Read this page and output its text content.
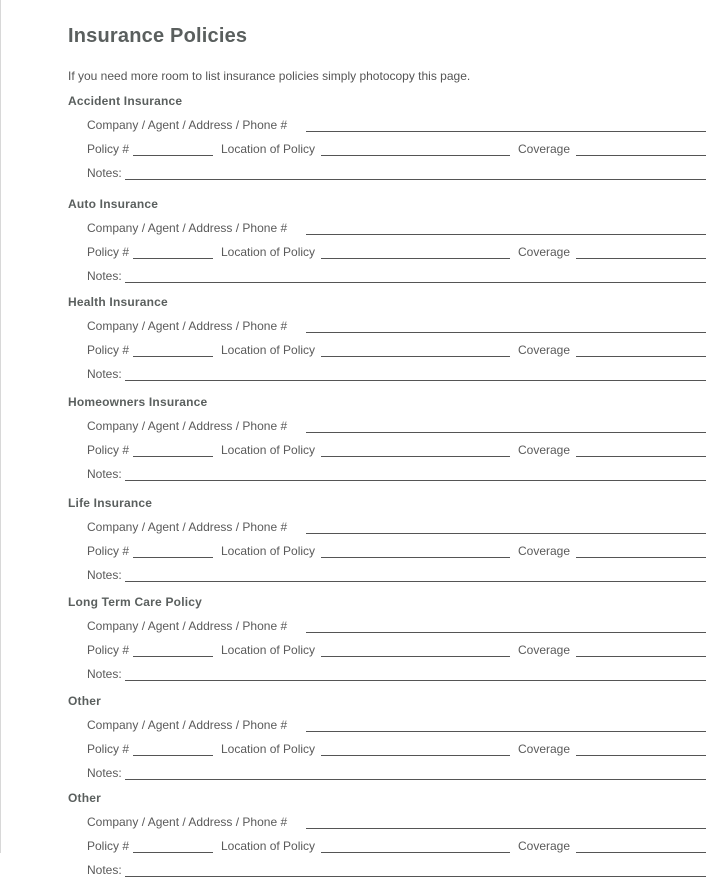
Insurance Policies
If you need more room to list insurance policies simply photocopy this page.
Accident Insurance
Company / Agent / Address / Phone #
Policy #	Location of Policy	Coverage
Notes:
Auto Insurance
Company / Agent / Address / Phone #
Policy #	Location of Policy	Coverage
Notes:
Health Insurance
Company / Agent / Address / Phone #
Policy #	Location of Policy	Coverage
Notes:
Homeowners Insurance
Company / Agent / Address / Phone #
Policy #	Location of Policy	Coverage
Notes:
Life Insurance
Company / Agent / Address / Phone #
Policy #	Location of Policy	Coverage
Notes:
Long Term Care Policy
Company / Agent / Address / Phone #
Policy #	Location of Policy	Coverage
Notes:
Other
Company / Agent / Address / Phone #
Policy #	Location of Policy	Coverage
Notes:
Other
Company / Agent / Address / Phone #
Policy #	Location of Policy	Coverage
Notes:
